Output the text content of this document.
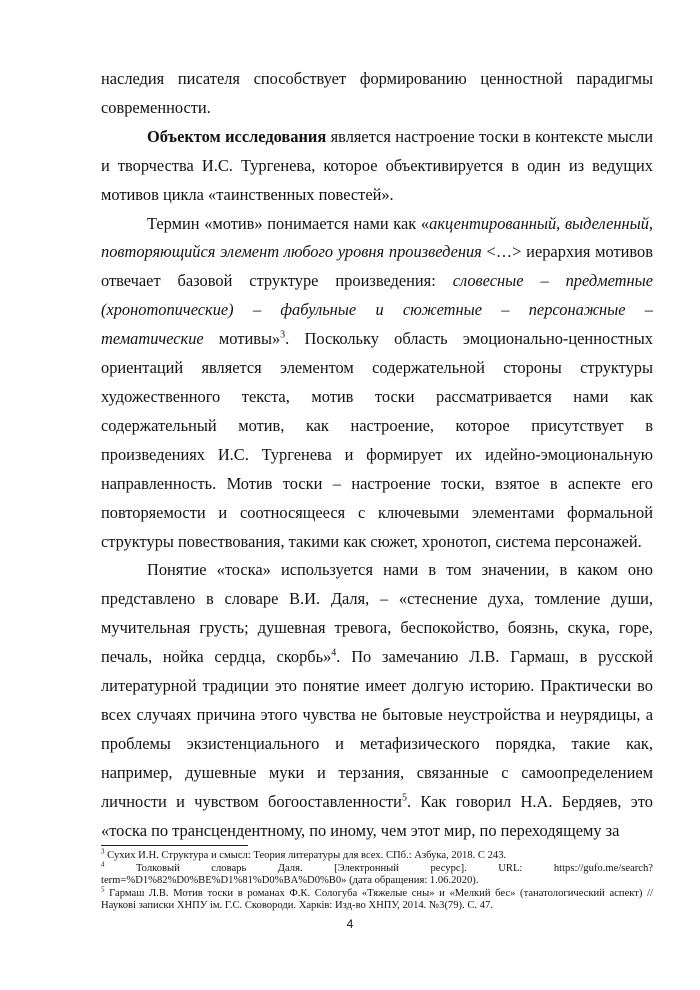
наследия писателя способствует формированию ценностной парадигмы современности.

Объектом исследования является настроение тоски в контексте мысли и творчества И.С. Тургенева, которое объективируется в один из ведущих мотивов цикла «таинственных повестей».

Термин «мотив» понимается нами как «акцентированный, выделенный, повторяющийся элемент любого уровня произведения <…> иерархия мотивов отвечает базовой структуре произведения: словесные – предметные (хронотопические) – фабульные и сюжетные – персонажные – тематические мотивы»$^3$. Поскольку область эмоционально-ценностных ориентаций является элементом содержательной стороны структуры художественного текста, мотив тоски рассматривается нами как содержательный мотив, как настроение, которое присутствует в произведениях И.С. Тургенева и формирует их идейно-эмоциональную направленность. Мотив тоски – настроение тоски, взятое в аспекте его повторяемости и соотносящееся с ключевыми элементами формальной структуры повествования, такими как сюжет, хронотоп, система персонажей.

Понятие «тоска» используется нами в том значении, в каком оно представлено в словаре В.И. Даля, – «стеснение духа, томление души, мучительная грусть; душевная тревога, беспокойство, боязнь, скука, горе, печаль, нойка сердца, скорбь»$^4$. По замечанию Л.В. Гармаш, в русской литературной традиции это понятие имеет долгую историю. Практически во всех случаях причина этого чувства не бытовые неустройства и неурядицы, а проблемы экзистенциального и метафизического порядка, такие как, например, душевные муки и терзания, связанные с самоопределением личности и чувством богооставленности$^5$. Как говорил Н.А. Бердяев, это «тоска по трансцендентному, по иному, чем этот мир, по переходящему за

$^3$ Сухих И.Н. Структура и смысл: Теория литературы для всех. СПб.: Азбука, 2018. С 243.

$^4$	Толковый словарь Даля. [Электронный ресурс]. URL: https://gufo.me/search?term=%D1%82%D0%BE%D1%81%D0%BA%D0%B0» (дата обращения: 1.06.2020).

$^5$ Гармаш Л.В. Мотив тоски в романах Ф.К. Сологуба «Тяжелые сны» и «Мелкий бес» (танатологический аспект) // Наукові записки ХНПУ ім. Г.С. Сковороди. Харків: Изд-во ХНПУ, 2014. №3(79). С. 47.

4
